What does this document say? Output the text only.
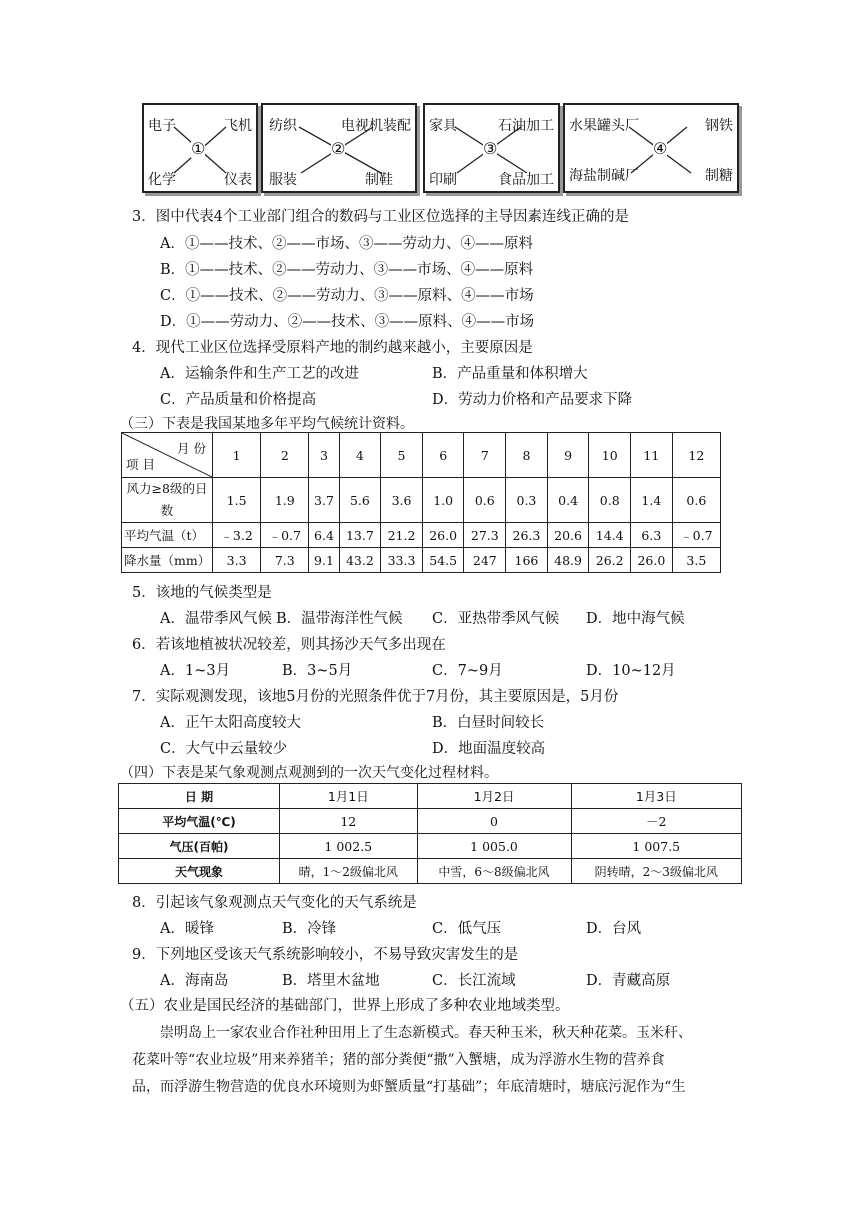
电子	飞机
化学	仪表
①
纺织	电视机装配
服装	制鞋
②
家具	石油加工
印刷	食品加工
③
水果罐头厂	钢铁
海盐制碱厂	制糖
④
3．图中代表4个工业部门组合的数码与工业区位选择的主导因素连线正确的是
A．①——技术、②——市场、③——劳动力、④——原料
B．①——技术、②——劳动力、③——市场、④——原料
C．①——技术、②——劳动力、③——原料、④——市场
D．①——劳动力、②——技术、③——原料、④——市场
4．现代工业区位选择受原料产地的制约越来越小，主要原因是
A．运输条件和生产工艺的改进	B．产品重量和体积增大
C．产品质量和价格提高	D．劳动力价格和产品要求下降
（三）下表是我国某地多年平均气候统计资料。
月 份
项 目	1	2	3	4	5	6	7	8	9	10	11	12
风力≥8级的日数	1.5	1.9	3.7	5.6	3.6	1.0	0.6	0.3	0.4	0.8	1.4	0.6
平均气温（t）	﹣3.2	﹣0.7	6.4	13.7	21.2	26.0	27.3	26.3	20.6	14.4	6.3	﹣0.7
降水量（mm）	3.3	7.3	9.1	43.2	33.3	54.5	247	166	48.9	26.2	26.0	3.5
5．该地的气候类型是
A．温带季风气候 B．温带海洋性气候 C．亚热带季风气候 D．地中海气候
6．若该地植被状况较差，则其扬沙天气多出现在
A．1~3月	B．3~5月	C．7~9月	D．10~12月
7．实际观测发现，该地5月份的光照条件优于7月份，其主要原因是，5月份
A．正午太阳高度较大	B．白昼时间较长
C．大气中云量较少	D．地面温度较高
（四）下表是某气象观测点观测到的一次天气变化过程材料。
日 期	1月1日	1月2日	1月3日
平均气温(℃)	12	0	－2
气压(百帕)	1 002.5	1 005.0	1 007.5
天气现象	晴，1～2级偏北风	中雪，6～8级偏北风	阴转晴，2～3级偏北风
8．引起该气象观测点天气变化的天气系统是
A．暖锋	B．冷锋	C．低气压	D．台风
9．下列地区受该天气系统影响较小，不易导致灾害发生的是
A．海南岛	B．塔里木盆地	C．长江流域	D．青藏高原
（五）农业是国民经济的基础部门，世界上形成了多种农业地域类型。
崇明岛上一家农业合作社种田用上了生态新模式。春天种玉米，秋天种花菜。玉米秆、
花菜叶等“农业垃圾”用来养猪羊；猪的部分粪便“撒”入蟹塘，成为浮游水生物的营养食
品，而浮游生物营造的优良水环境则为虾蟹质量“打基础”；年底清塘时，塘底污泥作为“生
